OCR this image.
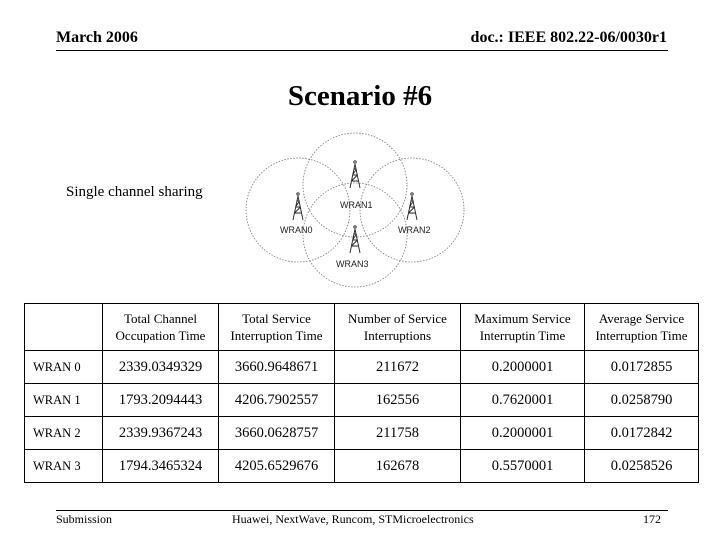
March 2006	doc.: IEEE 802.22-06/0030r1
Scenario #6
Single channel sharing
WRAN1
WRAN0	WRAN2
WRAN3
	Total Channel Occupation Time	Total Service Interruption Time	Number of Service Interruptions	Maximum Service Interruptin Time	Average Service Interruption Time
WRAN 0	2339.0349329	3660.9648671	211672	0.2000001	0.0172855
WRAN 1	1793.2094443	4206.7902557	162556	0.7620001	0.0258790
WRAN 2	2339.9367243	3660.0628757	211758	0.2000001	0.0172842
WRAN 3	1794.3465324	4205.6529676	162678	0.5570001	0.0258526
Submission	Huawei, NextWave, Runcom, STMicroelectronics	172
